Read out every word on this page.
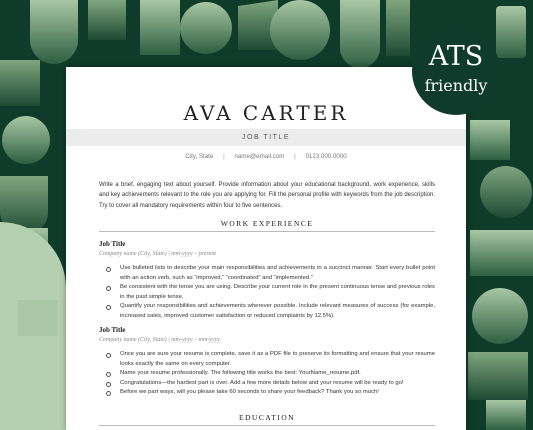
AVA CARTER
JOB TITLE
City, State | name@email.com | 0123.000.0000
Write a brief, engaging text about yourself. Provide information about your educational background, work experience, skills and key achievements relevant to the role you are applying for. Fill the personal profile with keywords from the job description. Try to cover all mandatory requirements within four to five sentences.
WORK EXPERIENCE
Job Title
Company name (City, State) | mm-yyyy – present
Use bulleted lists to describe your main responsibilities and achievements in a succinct manner. Start every bullet point with an action verb, such as “improved,” “coordinated” and “implemented.”
Be consistent with the tense you are using. Describe your current role in the present continuous tense and previous roles in the past simple tense.
Quantify your responsibilities and achievements wherever possible. Include relevant measures of success (for example, increased sales, improved customer satisfaction or reduced complaints by 12.5%).
Job Title
Company name (City, State) | mm-yyyy – mm-yyyy
Once you are sure your resume is complete, save it as a PDF file to preserve its formatting and ensure that your resume looks exactly the same on every computer.
Name your resume professionally. The following title works the best: YourName_resume.pdf.
Congratulations—the hardest part is over. Add a few more details below and your resume will be ready to go!
Before we part ways, will you please take 60 seconds to share your feedback? Thank you so much!
EDUCATION
ATS
friendly
